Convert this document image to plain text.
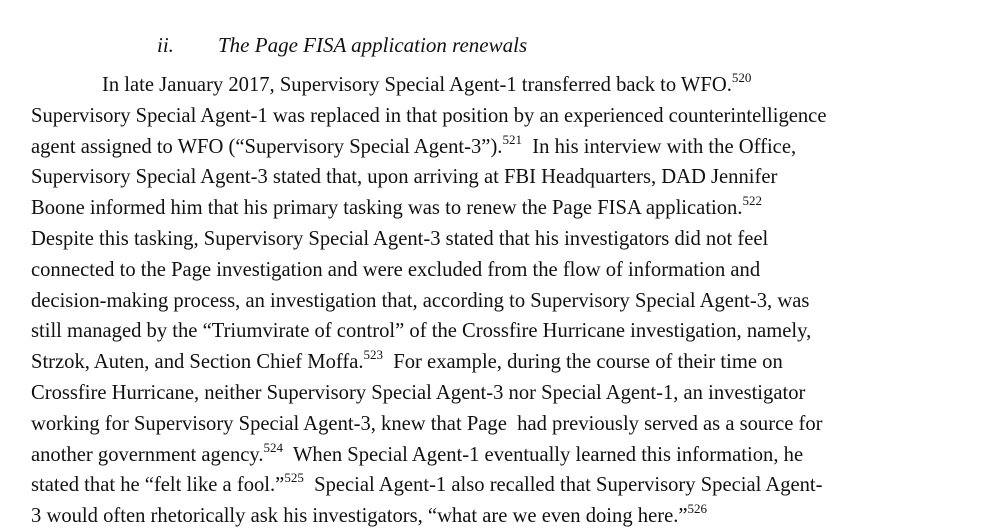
ii. The Page FISA application renewals
In late January 2017, Supervisory Special Agent-1 transferred back to WFO.$^{520}$
Supervisory Special Agent-1 was replaced in that position by an experienced counterintelligence
agent assigned to WFO (“Supervisory Special Agent-3”).$^{521}$  In his interview with the Office,
Supervisory Special Agent-3 stated that, upon arriving at FBI Headquarters, DAD Jennifer
Boone informed him that his primary tasking was to renew the Page FISA application.$^{522}$
Despite this tasking, Supervisory Special Agent-3 stated that his investigators did not feel
connected to the Page investigation and were excluded from the flow of information and
decision-making process, an investigation that, according to Supervisory Special Agent-3, was
still managed by the “Triumvirate of control” of the Crossfire Hurricane investigation, namely,
Strzok, Auten, and Section Chief Moffa.$^{523}$  For example, during the course of their time on
Crossfire Hurricane, neither Supervisory Special Agent-3 nor Special Agent-1, an investigator
working for Supervisory Special Agent-3, knew that Page  had previously served as a source for
another government agency.$^{524}$  When Special Agent-1 eventually learned this information, he
stated that he “felt like a fool.”$^{525}$  Special Agent-1 also recalled that Supervisory Special Agent-
3 would often rhetorically ask his investigators, “what are we even doing here.”$^{526}$
